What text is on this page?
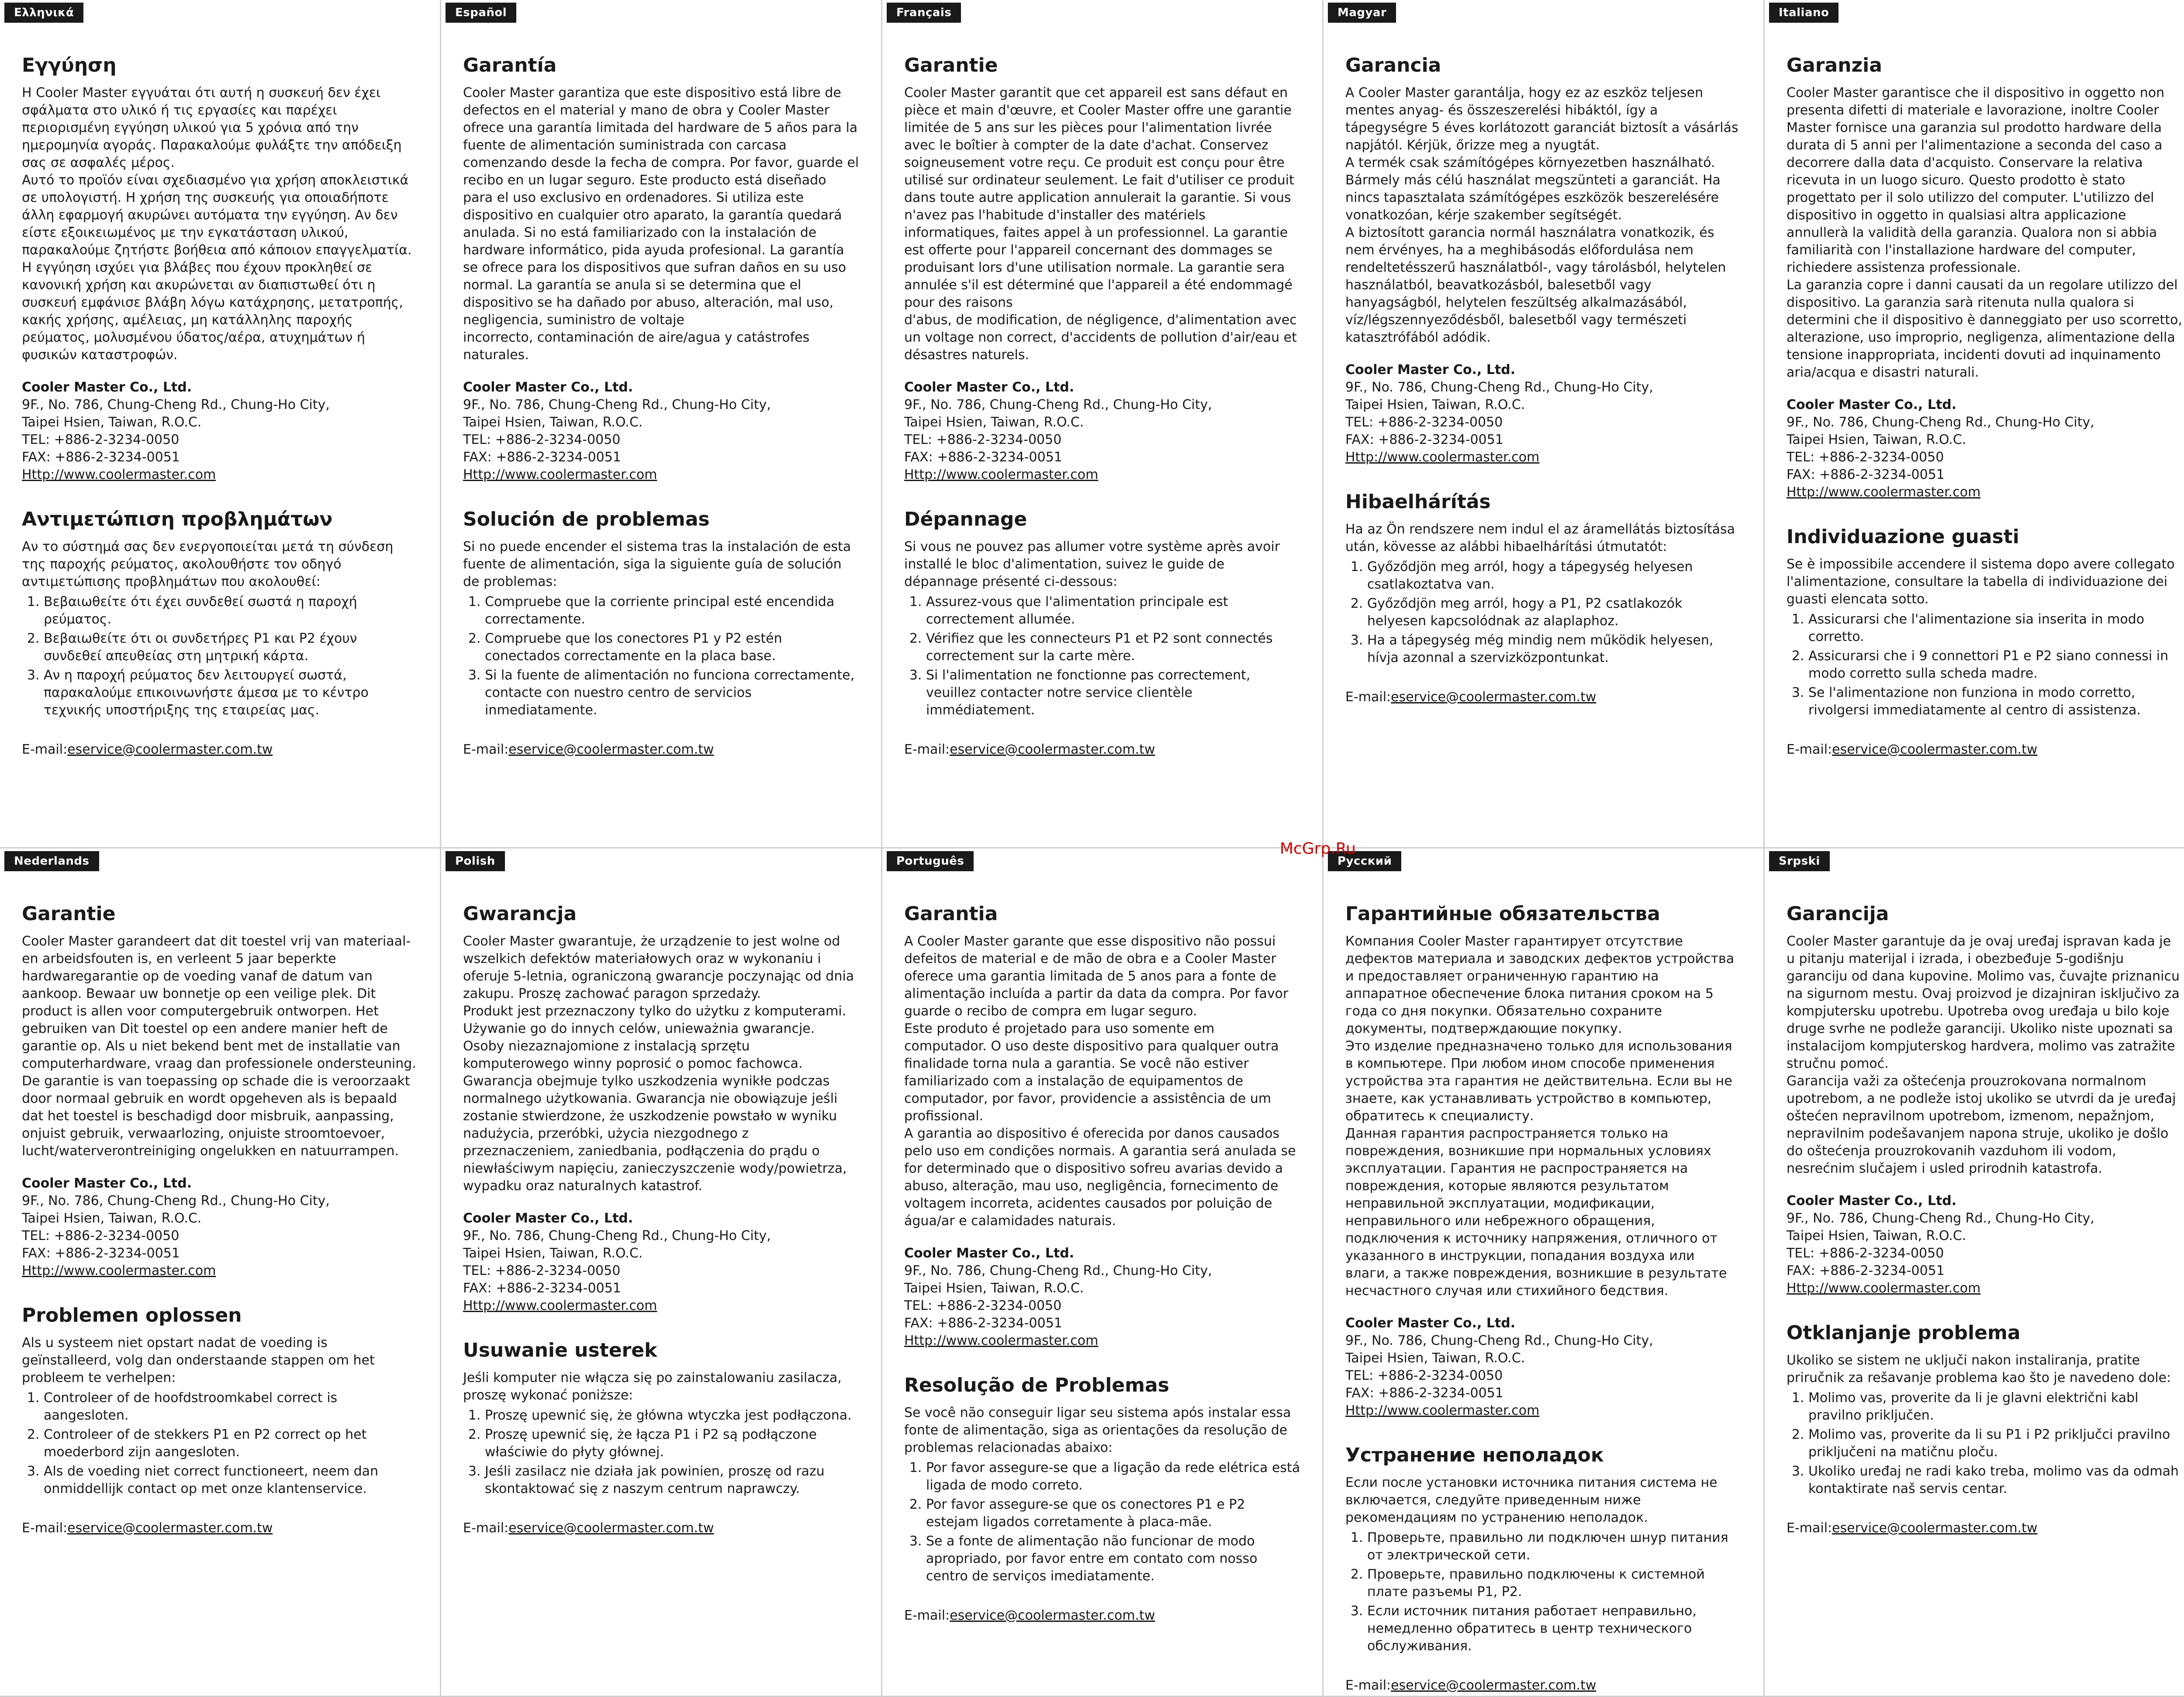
Ελληνικά
Εγγύηση

Η Cooler Master εγγυάται ότι αυτή η συσκευή δεν έχει σφάλματα στο υλικό ή τις εργασίες και παρέχει περιορισμένη εγγύηση υλικού για 5 χρόνια από την ημερομηνία αγοράς. Παρακαλούμε φυλάξτε την απόδειξη σας σε ασφαλές μέρος.
Αυτό το προϊόν είναι σχεδιασμένο για χρήση αποκλειστικά σε υπολογιστή. Η χρήση της συσκευής για οποιαδήποτε άλλη εφαρμογή ακυρώνει αυτόματα την εγγύηση. Αν δεν είστε εξοικειωμένος με την εγκατάσταση υλικού, παρακαλούμε ζητήστε βοήθεια από κάποιον επαγγελματία.
Η εγγύηση ισχύει για βλάβες που έχουν προκληθεί σε κανονική χρήση και ακυρώνεται αν διαπιστωθεί ότι η συσκευή εμφάνισε βλάβη λόγω κατάχρησης, μετατροπής, κακής χρήσης, αμέλειας, μη κατάλληλης παροχής ρεύματος, μολυσμένου ύδατος/αέρα, ατυχημάτων ή φυσικών καταστροφών.

Cooler Master Co., Ltd.
9F., No. 786, Chung-Cheng Rd., Chung-Ho City,
Taipei Hsien, Taiwan, R.O.C.
TEL: +886-2-3234-0050
FAX: +886-2-3234-0051
Http://www.coolermaster.com
Αντιμετώπιση προβλημάτων

Αν το σύστημά σας δεν ενεργοποιείται μετά τη σύνδεση της παροχής ρεύματος, ακολουθήστε τον οδηγό αντιμετώπισης προβλημάτων που ακολουθεί:

1. Βεβαιωθείτε ότι έχει συνδεθεί σωστά η παροχή ρεύματος.
2. Βεβαιωθείτε ότι οι συνδετήρες P1 και P2 έχουν συνδεθεί απευθείας στη μητρική κάρτα.
3. Αν η παροχή ρεύματος δεν λειτουργεί σωστά, παρακαλούμε επικοινωνήστε άμεσα με το κέντρο τεχνικής υποστήριξης της εταιρείας μας.
E-mail:eservice@coolermaster.com.tw
Español
Garantía

Cooler Master garantiza que este dispositivo está libre de defectos en el material y mano de obra y Cooler Master ofrece una garantía limitada del hardware de 5 años para la fuente de alimentación suministrada con carcasa comenzando desde la fecha de compra. Por favor, guarde el recibo en un lugar seguro. Este producto está diseñado para el uso exclusivo en ordenadores. Si utiliza este dispositivo en cualquier otro aparato, la garantía quedará anulada. Si no está familiarizado con la instalación de hardware informático, pida ayuda profesional. La garantía se ofrece para los dispositivos que sufran daños en su uso normal. La garantía se anula si se determina que el dispositivo se ha dañado por abuso, alteración, mal uso, negligencia, suministro de voltaje
incorrecto, contaminación de aire/agua y catástrofes naturales.

Cooler Master Co., Ltd.
9F., No. 786, Chung-Cheng Rd., Chung-Ho City,
Taipei Hsien, Taiwan, R.O.C.
TEL: +886-2-3234-0050
FAX: +886-2-3234-0051
Http://www.coolermaster.com
Solución de problemas

Si no puede encender el sistema tras la instalación de esta fuente de alimentación, siga la siguiente guía de solución de problemas:

1. Compruebe que la corriente principal esté encendida correctamente.
2. Compruebe que los conectores P1 y P2 estén conectados correctamente en la placa base.
3. Si la fuente de alimentación no funciona correctamente, contacte con nuestro centro de servicios inmediatamente.
E-mail:eservice@coolermaster.com.tw
Français
Garantie

Cooler Master garantit que cet appareil est sans défaut en pièce et main d'œuvre, et Cooler Master offre une garantie limitée de 5 ans sur les pièces pour l'alimentation livrée avec le boîtier à compter de la date d'achat. Conservez soigneusement votre reçu. Ce produit est conçu pour être utilisé sur ordinateur seulement. Le fait d'utiliser ce produit dans toute autre application annulerait la garantie. Si vous
n'avez pas l'habitude d'installer des matériels informatiques, faites appel à un professionnel. La garantie est offerte pour l'appareil concernant des dommages se produisant lors d'une utilisation normale. La garantie sera annulée s'il est déterminé que l'appareil a été endommagé pour des raisons
d'abus, de modification, de négligence, d'alimentation avec un voltage non correct, d'accidents de pollution d'air/eau et désastres naturels.

Cooler Master Co., Ltd.
9F., No. 786, Chung-Cheng Rd., Chung-Ho City,
Taipei Hsien, Taiwan, R.O.C.
TEL: +886-2-3234-0050
FAX: +886-2-3234-0051
Http://www.coolermaster.com
Dépannage

Si vous ne pouvez pas allumer votre système après avoir installé le bloc d'alimentation, suivez le guide de dépannage présenté ci-dessous:

1. Assurez-vous que l'alimentation principale est correctement allumée.
2. Vérifiez que les connecteurs P1 et P2 sont connectés correctement sur la carte mère.
3. Si l'alimentation ne fonctionne pas correctement, veuillez contacter notre service clientèle immédiatement.
E-mail:eservice@coolermaster.com.tw
Magyar
Garancia

A Cooler Master garantálja, hogy ez az eszköz teljesen mentes anyag- és összeszerelési hibáktól, így a tápegységre 5 éves korlátozott garanciát biztosít a vásárlás napjától. Kérjük, őrizze meg a nyugtát.
A termék csak számítógépes környezetben használható. Bármely más célú használat megszünteti a garanciát. Ha nincs tapasztalata számítógépes eszközök beszerelésére vonatkozóan, kérje szakember segítségét.
A biztosított garancia normál használatra vonatkozik, és nem érvényes, ha a meghibásodás előfordulása nem rendeltetésszerű használatból-, vagy tárolásból, helytelen használatból, beavatkozásból, balesetből vagy hanyagságból, helytelen feszültség alkalmazásából, víz/légszennyeződésből, balesetből vagy természeti katasztrófából adódik.

Cooler Master Co., Ltd.
9F., No. 786, Chung-Cheng Rd., Chung-Ho City,
Taipei Hsien, Taiwan, R.O.C.
TEL: +886-2-3234-0050
FAX: +886-2-3234-0051
Http://www.coolermaster.com
Hibaelhárítás

Ha az Ön rendszere nem indul el az áramellátás biztosítása után, kövesse az alábbi hibaelhárítási útmutatót:

1. Győződjön meg arról, hogy a tápegység helyesen csatlakoztatva van.
2. Győződjön meg arról, hogy a P1, P2 csatlakozók helyesen kapcsolódnak az alaplaphoz.
3. Ha a tápegység még mindig nem működik helyesen, hívja azonnal a szervizközpontunkat.
E-mail:eservice@coolermaster.com.tw
Italiano
Garanzia

Cooler Master garantisce che il dispositivo in oggetto non presenta difetti di materiale e lavorazione, inoltre Cooler Master fornisce una garanzia sul prodotto hardware della durata di 5 anni per l'alimentazione a seconda del caso a decorrere dalla data d'acquisto. Conservare la relativa ricevuta in un luogo sicuro. Questo prodotto è stato progettato per il solo utilizzo del computer. L'utilizzo del dispositivo in oggetto in qualsiasi altra applicazione annullerà la validità della garanzia. Qualora non si abbia familiarità con l'installazione hardware del computer, richiedere assistenza professionale.
La garanzia copre i danni causati da un regolare utilizzo del dispositivo. La garanzia sarà ritenuta nulla qualora si determini che il dispositivo è danneggiato per uso scorretto, alterazione, uso improprio, negligenza, alimentazione della tensione inappropriata, incidenti dovuti ad inquinamento aria/acqua e disastri naturali.

Cooler Master Co., Ltd.
9F., No. 786, Chung-Cheng Rd., Chung-Ho City,
Taipei Hsien, Taiwan, R.O.C.
TEL: +886-2-3234-0050
FAX: +886-2-3234-0051
Http://www.coolermaster.com
Individuazione guasti

Se è impossibile accendere il sistema dopo avere collegato l'alimentazione, consultare la tabella di individuazione dei guasti elencata sotto.

1. Assicurarsi che l'alimentazione sia inserita in modo corretto.
2. Assicurarsi che i 9 connettori P1 e P2 siano connessi in modo corretto sulla scheda madre.
3. Se l'alimentazione non funziona in modo corretto, rivolgersi immediatamente al centro di assistenza.
E-mail:eservice@coolermaster.com.tw

Nederlands
Garantie

Cooler Master garandeert dat dit toestel vrij van materiaal- en arbeidsfouten is, en verleent 5 jaar beperkte hardwaregarantie op de voeding vanaf de datum van aankoop. Bewaar uw bonnetje op een veilige plek. Dit product is allen voor computergebruik ontworpen. Het gebruiken van Dit toestel op een andere manier heft de garantie op. Als u niet bekend bent met de installatie van computerhardware, vraag dan professionele ondersteuning.
De garantie is van toepassing op schade die is veroorzaakt door normaal gebruik en wordt opgeheven als is bepaald dat het toestel is beschadigd door misbruik, aanpassing, onjuist gebruik, verwaarlozing, onjuiste stroomtoevoer, lucht/waterverontreiniging ongelukken en natuurrampen.

Cooler Master Co., Ltd.
9F., No. 786, Chung-Cheng Rd., Chung-Ho City,
Taipei Hsien, Taiwan, R.O.C.
TEL: +886-2-3234-0050
FAX: +886-2-3234-0051
Http://www.coolermaster.com
Problemen oplossen

Als u systeem niet opstart nadat de voeding is geïnstalleerd, volg dan onderstaande stappen om het probleem te verhelpen:

1. Controleer of de hoofdstroomkabel correct is aangesloten.
2. Controleer of de stekkers P1 en P2 correct op het moederbord zijn aangesloten.
3. Als de voeding niet correct functioneert, neem dan onmiddellijk contact op met onze klantenservice.
E-mail:eservice@coolermaster.com.tw
Polish
Gwarancja

Cooler Master gwarantuje, że urządzenie to jest wolne od wszelkich defektów materiałowych oraz w wykonaniu i oferuje 5-letnia, ograniczoną gwarancje poczynając od dnia zakupu. Proszę zachować paragon sprzedaży.
Produkt jest przeznaczony tylko do użytku z komputerami. Używanie go do innych celów, unieważnia gwarancje. Osoby niezaznajomione z instalacją sprzętu komputerowego winny poprosić o pomoc fachowca.
Gwarancja obejmuje tylko uszkodzenia wynikłe podczas normalnego użytkowania. Gwarancja nie obowiązuje jeśli zostanie stwierdzone, że uszkodzenie powstało w wyniku nadużycia, przeróbki, użycia niezgodnego z przeznaczeniem, zaniedbania, podłączenia do prądu o niewłaściwym napięciu, zanieczyszczenie wody/powietrza, wypadku oraz naturalnych katastrof.

Cooler Master Co., Ltd.
9F., No. 786, Chung-Cheng Rd., Chung-Ho City,
Taipei Hsien, Taiwan, R.O.C.
TEL: +886-2-3234-0050
FAX: +886-2-3234-0051
Http://www.coolermaster.com
Usuwanie usterek

Jeśli komputer nie włącza się po zainstalowaniu zasilacza, proszę wykonać poniższe:

1. Proszę upewnić się, że główna wtyczka jest podłączona.
2. Proszę upewnić się, że łącza P1 i P2 są podłączone właściwie do płyty głównej.
3. Jeśli zasilacz nie działa jak powinien, proszę od razu skontaktować się z naszym centrum naprawczy.
E-mail:eservice@coolermaster.com.tw
Português
Garantia

A Cooler Master garante que esse dispositivo não possui defeitos de material e de mão de obra e a Cooler Master oferece uma garantia limitada de 5 anos para a fonte de alimentação incluída a partir da data da compra. Por favor guarde o recibo de compra em lugar seguro.
Este produto é projetado para uso somente em computador. O uso deste dispositivo para qualquer outra finalidade torna nula a garantia. Se você não estiver familiarizado com a instalação de equipamentos de computador, por favor, providencie a assistência de um profissional.
A garantia ao dispositivo é oferecida por danos causados pelo uso em condições normais. A garantia será anulada se for determinado que o dispositivo sofreu avarias devido a abuso, alteração, mau uso, negligência, fornecimento de voltagem incorreta, acidentes causados por poluição de água/ar e calamidades naturais.

Cooler Master Co., Ltd.
9F., No. 786, Chung-Cheng Rd., Chung-Ho City,
Taipei Hsien, Taiwan, R.O.C.
TEL: +886-2-3234-0050
FAX: +886-2-3234-0051
Http://www.coolermaster.com
Resolução de Problemas

Se você não conseguir ligar seu sistema após instalar essa fonte de alimentação, siga as orientações da resolução de problemas relacionadas abaixo:

1. Por favor assegure-se que a ligação da rede elétrica está ligada de modo correto.
2. Por favor assegure-se que os conectores P1 e P2 estejam ligados corretamente à placa-mãe.
3. Se a fonte de alimentação não funcionar de modo apropriado, por favor entre em contato com nosso centro de serviços imediatamente.
E-mail:eservice@coolermaster.com.tw
Русский
Гарантийные обязательства

Компания Cooler Master гарантирует отсутствие дефектов материала и заводских дефектов устройства и предоставляет ограниченную гарантию на аппаратное обеспечение блока питания сроком на 5 года со дня покупки. Обязательно сохраните документы, подтверждающие покупку.
Это изделие предназначено только для использования в компьютере. При любом ином способе применения устройства эта гарантия не действительна. Если вы не знаете, как устанавливать устройство в компьютер, обратитесь к специалисту.
Данная гарантия распространяется только на повреждения, возникшие при нормальных условиях эксплуатации. Гарантия не распространяется на повреждения, которые являются результатом неправильной эксплуатации, модификации, неправильного или небрежного обращения, подключения к источнику напряжения, отличного от указанного в инструкции, попадания воздуха или влаги, а также повреждения, возникшие в результате несчастного случая или стихийного бедствия.

Cooler Master Co., Ltd.
9F., No. 786, Chung-Cheng Rd., Chung-Ho City,
Taipei Hsien, Taiwan, R.O.C.
TEL: +886-2-3234-0050
FAX: +886-2-3234-0051
Http://www.coolermaster.com
Устранение неполадок

Если после установки источника питания система не включается, следуйте приведенным ниже рекомендациям по устранению неполадок.

1. Проверьте, правильно ли подключен шнур питания от электрической сети.
2. Проверьте, правильно подключены к системной плате разъемы P1, P2.
3. Если источник питания работает неправильно, немедленно обратитесь в центр технического обслуживания.
E-mail:eservice@coolermaster.com.tw
Srpski
Garancija

Cooler Master garantuje da je ovaj uređaj ispravan kada je u pitanju materijal i izrada, i obezbeđuje 5-godišnju garanciju od dana kupovine. Molimo vas, čuvajte priznanicu na sigurnom mestu. Ovaj proizvod je dizajniran isključivo za kompjutersku upotrebu. Upotreba ovog uređaja u bilo koje druge svrhe ne podleže garanciji. Ukoliko niste upoznati sa instalacijom kompjuterskog hardvera, molimo vas zatražite stručnu pomoć.
Garancija važi za oštećenja prouzrokovana normalnom upotrebom, a ne podleže istoj ukoliko se utvrdi da je uređaj oštećen nepravilnom upotrebom, izmenom, nepažnjom, nepravilnim podešavanjem napona struje, ukoliko je došlo do oštećenja prouzrokovanih vazduhom ili vodom, nesrećnim slučajem i usled prirodnih katastrofa.

Cooler Master Co., Ltd.
9F., No. 786, Chung-Cheng Rd., Chung-Ho City,
Taipei Hsien, Taiwan, R.O.C.
TEL: +886-2-3234-0050
FAX: +886-2-3234-0051
Http://www.coolermaster.com
Otklanjanje problema

Ukoliko se sistem ne uključi nakon instaliranja, pratite priručnik za rešavanje problema kao što je navedeno dole:

1. Molimo vas, proverite da li je glavni električni kabl pravilno priključen.
2. Molimo vas, proverite da li su P1 i P2 priključci pravilno priključeni na matičnu ploču.
3. Ukoliko uređaj ne radi kako treba, molimo vas da odmah kontaktirate naš servis centar.
E-mail:eservice@coolermaster.com.tw

McGrp.Ru
